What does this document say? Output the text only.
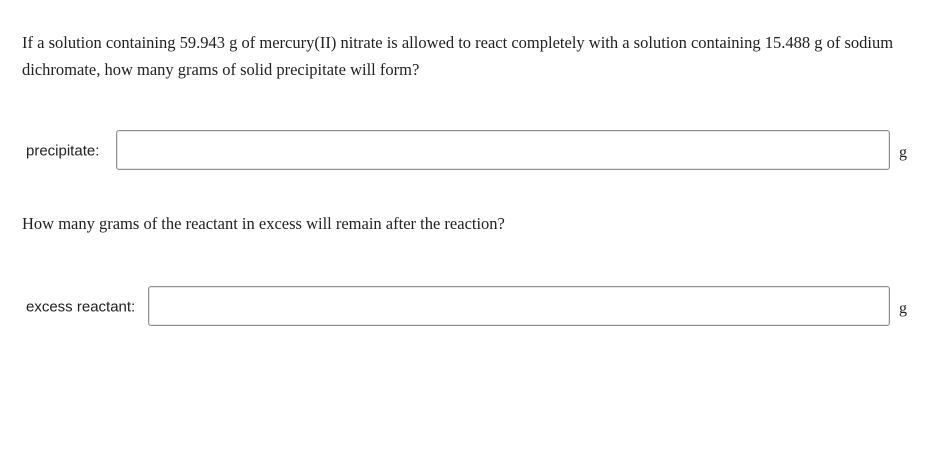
If a solution containing 59.943 g of mercury(II) nitrate is allowed to react completely with a solution containing 15.488 g of sodium dichromate, how many grams of solid precipitate will form?

precipitate:	g

How many grams of the reactant in excess will remain after the reaction?

excess reactant:	g
